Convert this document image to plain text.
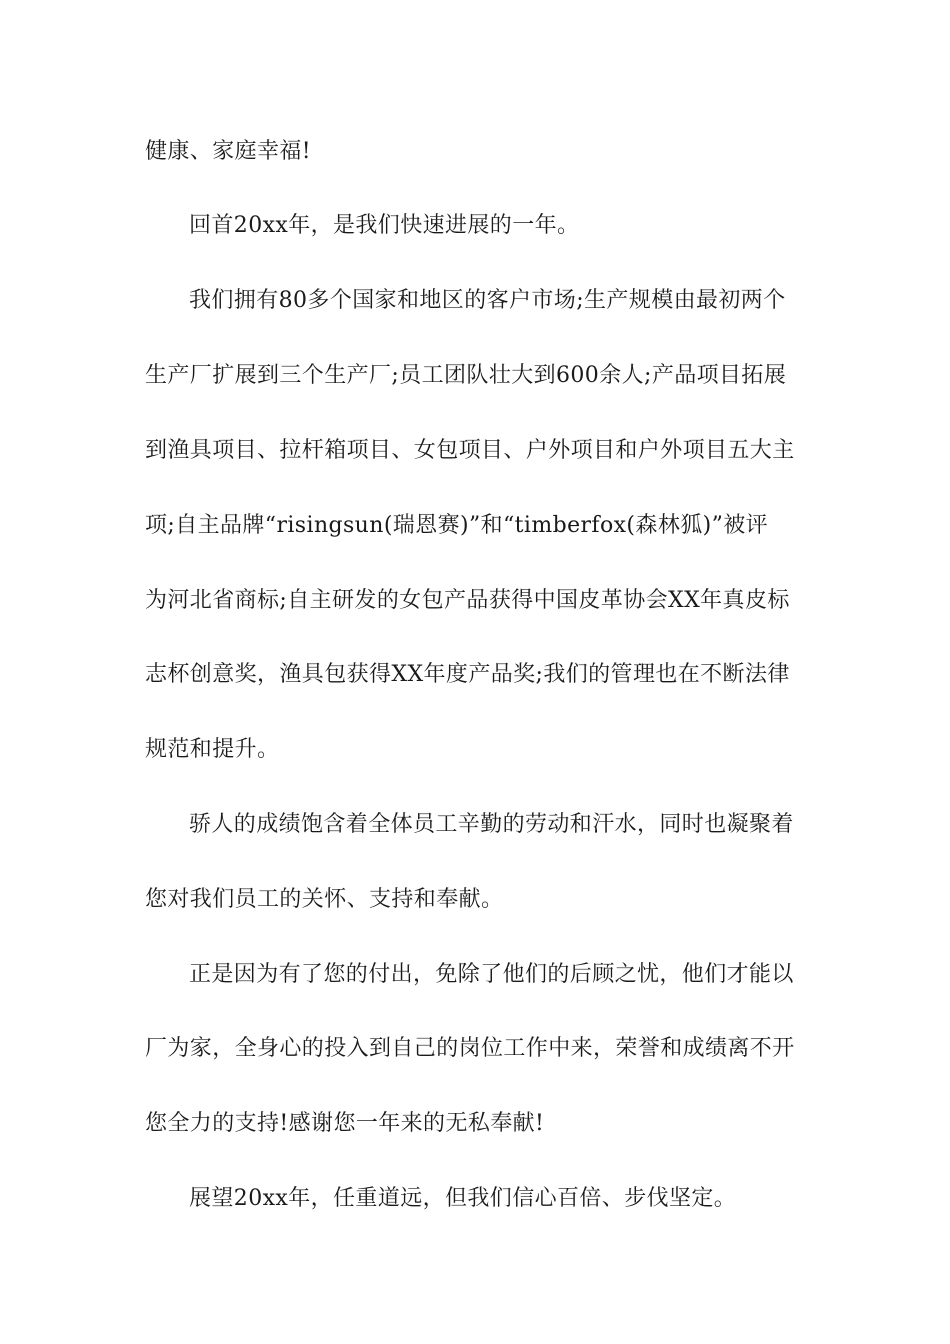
健康、家庭幸福!
回首20xx年，是我们快速进展的一年。
我们拥有80多个国家和地区的客户市场;生产规模由最初两个
生产厂扩展到三个生产厂;员工团队壮大到600余人;产品项目拓展
到渔具项目、拉杆箱项目、女包项目、户外项目和户外项目五大主
项;自主品牌“risingsun(瑞恩赛)”和“timberfox(森林狐)”被评
为河北省商标;自主研发的女包产品获得中国皮革协会XX年真皮标
志杯创意奖，渔具包获得XX年度产品奖;我们的管理也在不断法律
规范和提升。
骄人的成绩饱含着全体员工辛勤的劳动和汗水，同时也凝聚着
您对我们员工的关怀、支持和奉献。
正是因为有了您的付出，免除了他们的后顾之忧，他们才能以
厂为家，全身心的投入到自己的岗位工作中来，荣誉和成绩离不开
您全力的支持!感谢您一年来的无私奉献!
展望20xx年，任重道远，但我们信心百倍、步伐坚定。
